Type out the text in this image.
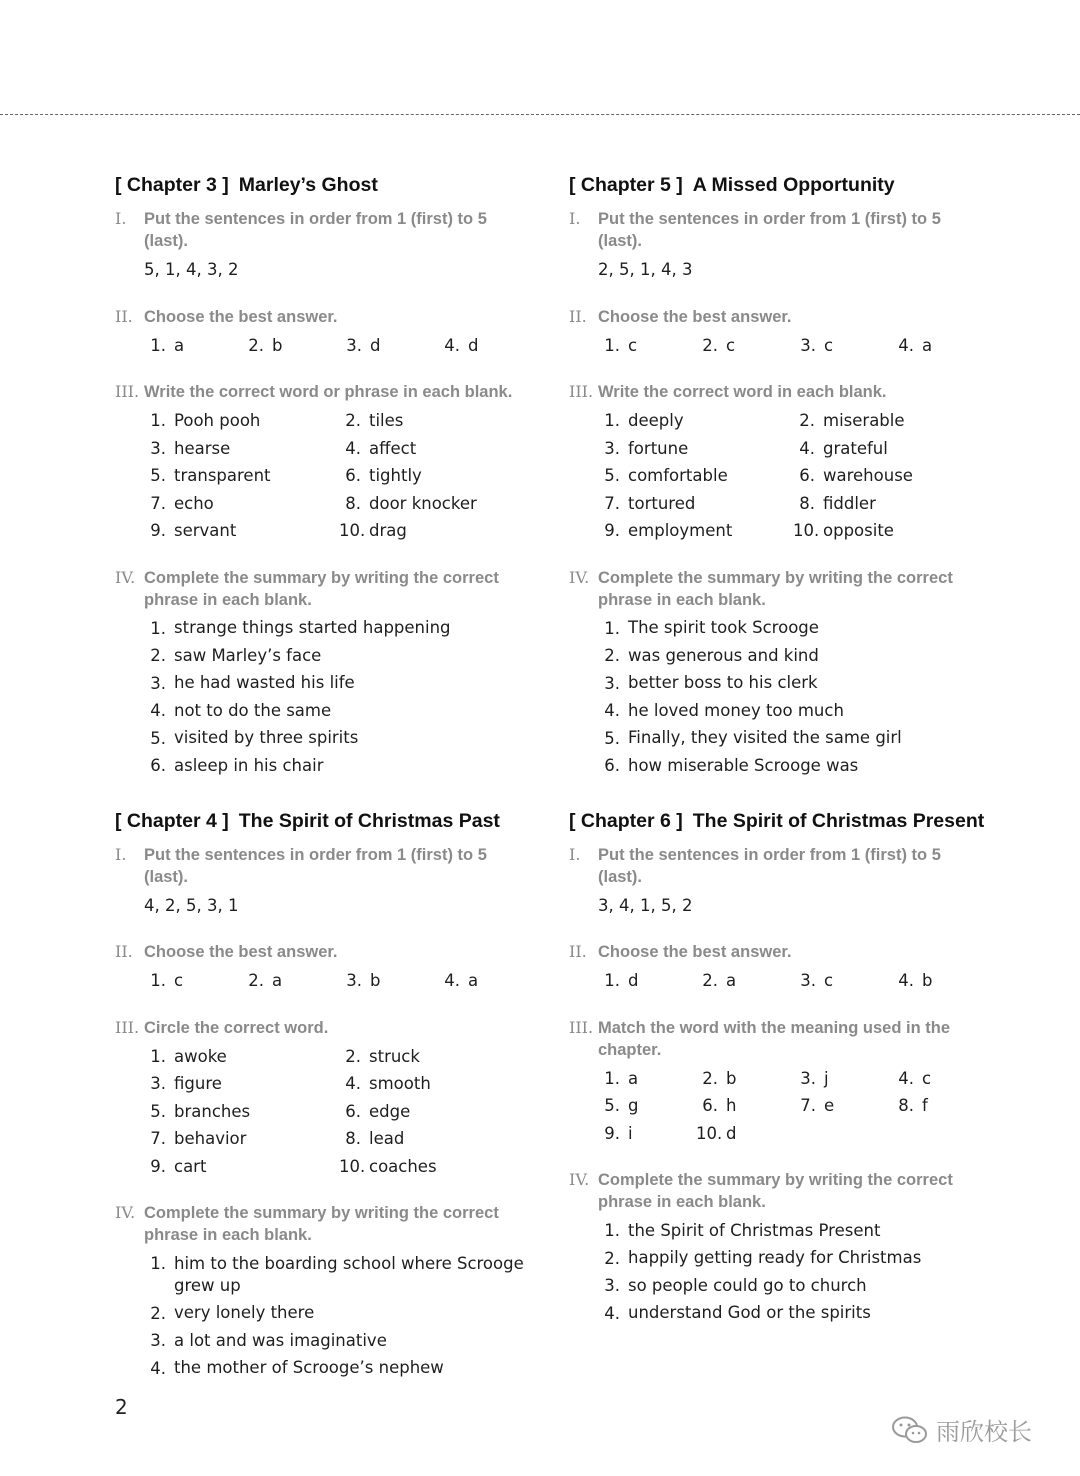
[ Chapter 3 ] Marley’s Ghost
I.	Put the sentences in order from 1 (first) to 5 (last).
5, 1, 4, 3, 2
II. Choose the best answer.
1. a	2. b	3. d	4. d
III. Write the correct word or phrase in each blank.
1. Pooh pooh	2. tiles
3. hearse	4. affect
5. transparent	6. tightly
7. echo	8. door knocker
9. servant	10. drag
IV. Complete the summary by writing the correct phrase in each blank.
1. strange things started happening
2. saw Marley’s face
3. he had wasted his life
4. not to do the same
5. visited by three spirits
6. asleep in his chair
[ Chapter 4 ] The Spirit of Christmas Past
I.	Put the sentences in order from 1 (first) to 5 (last).
4, 2, 5, 3, 1
II. Choose the best answer.
1. c	2. a	3. b	4. a
III. Circle the correct word.
1. awoke	2. struck
3. figure	4. smooth
5. branches	6. edge
7. behavior	8. lead
9. cart	10. coaches
IV. Complete the summary by writing the correct phrase in each blank.
1. him to the boarding school where Scrooge grew up
2. very lonely there
3. a lot and was imaginative
4. the mother of Scrooge’s nephew
[ Chapter 5 ] A Missed Opportunity
I.	Put the sentences in order from 1 (first) to 5 (last).
2, 5, 1, 4, 3
II. Choose the best answer.
1. c	2. c	3. c	4. a
III. Write the correct word in each blank.
1. deeply	2. miserable
3. fortune	4. grateful
5. comfortable	6. warehouse
7. tortured	8. fiddler
9. employment	10. opposite
IV. Complete the summary by writing the correct phrase in each blank.
1. The spirit took Scrooge
2. was generous and kind
3. better boss to his clerk
4. he loved money too much
5. Finally, they visited the same girl
6. how miserable Scrooge was
[ Chapter 6 ] The Spirit of Christmas Present
I.	Put the sentences in order from 1 (first) to 5 (last).
3, 4, 1, 5, 2
II. Choose the best answer.
1. d	2. a	3. c	4. b
III. Match the word with the meaning used in the chapter.
1. a	2. b	3. j	4. c
5. g	6. h	7. e	8. f
9. i	10. d
IV. Complete the summary by writing the correct phrase in each blank.
1. the Spirit of Christmas Present
2. happily getting ready for Christmas
3. so people could go to church
4. understand God or the spirits
2
雨欣校长
